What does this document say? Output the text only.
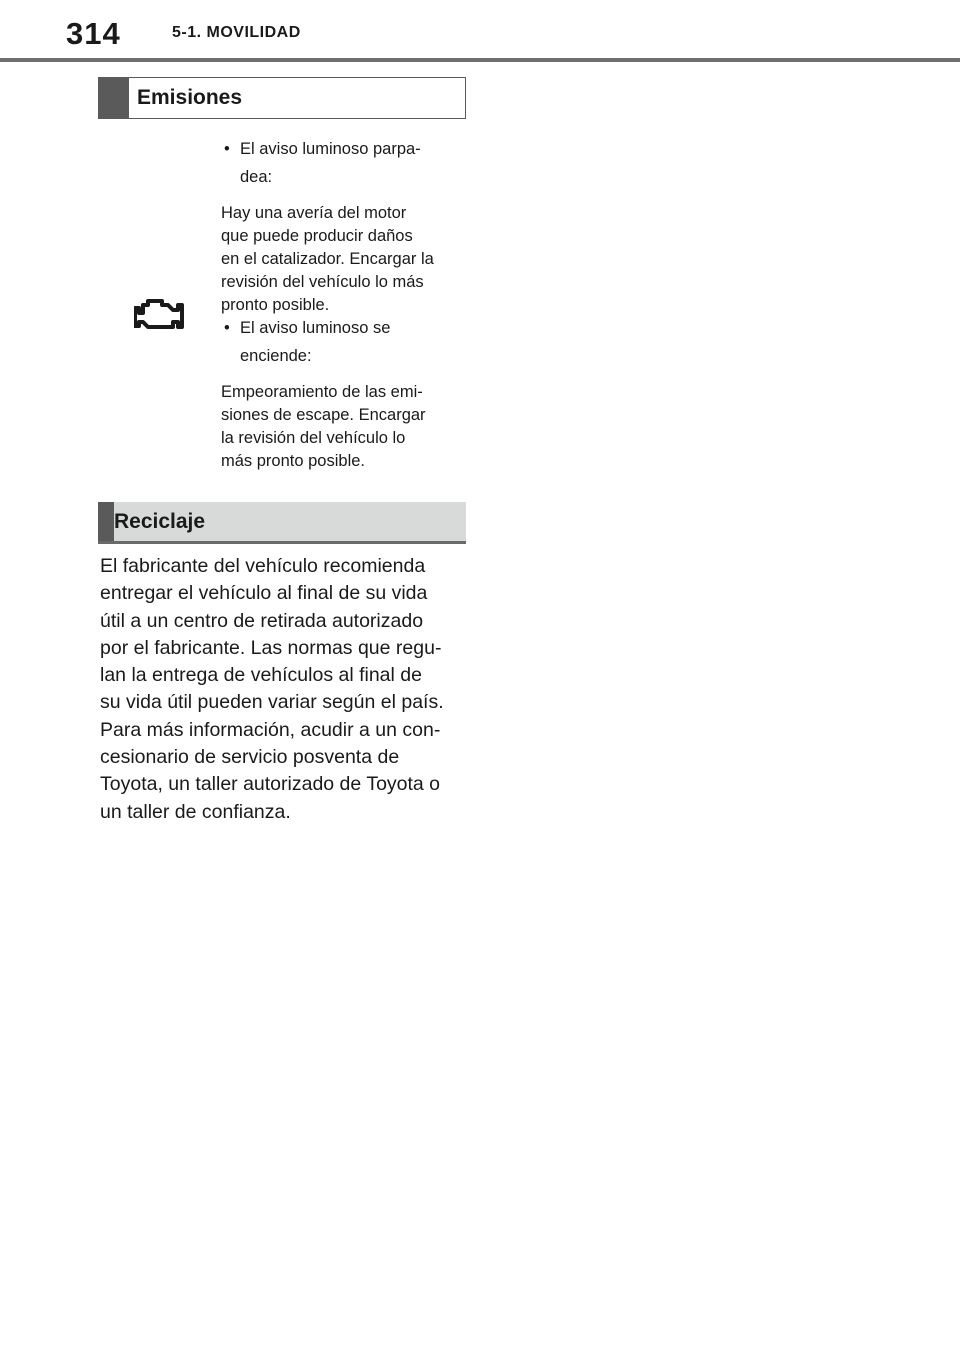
314	5-1. MOVILIDAD
Emisiones
• El aviso luminoso parpa-
dea:

Hay una avería del motor
que puede producir daños
en el catalizador. Encargar la
revisión del vehículo lo más
pronto posible.

• El aviso luminoso se
enciende:

Empeoramiento de las emi-
siones de escape. Encargar
la revisión del vehículo lo
más pronto posible.

Reciclaje
El fabricante del vehículo recomienda
entregar el vehículo al final de su vida
útil a un centro de retirada autorizado
por el fabricante. Las normas que regu-
lan la entrega de vehículos al final de
su vida útil pueden variar según el país.
Para más información, acudir a un con-
cesionario de servicio posventa de
Toyota, un taller autorizado de Toyota o
un taller de confianza.
